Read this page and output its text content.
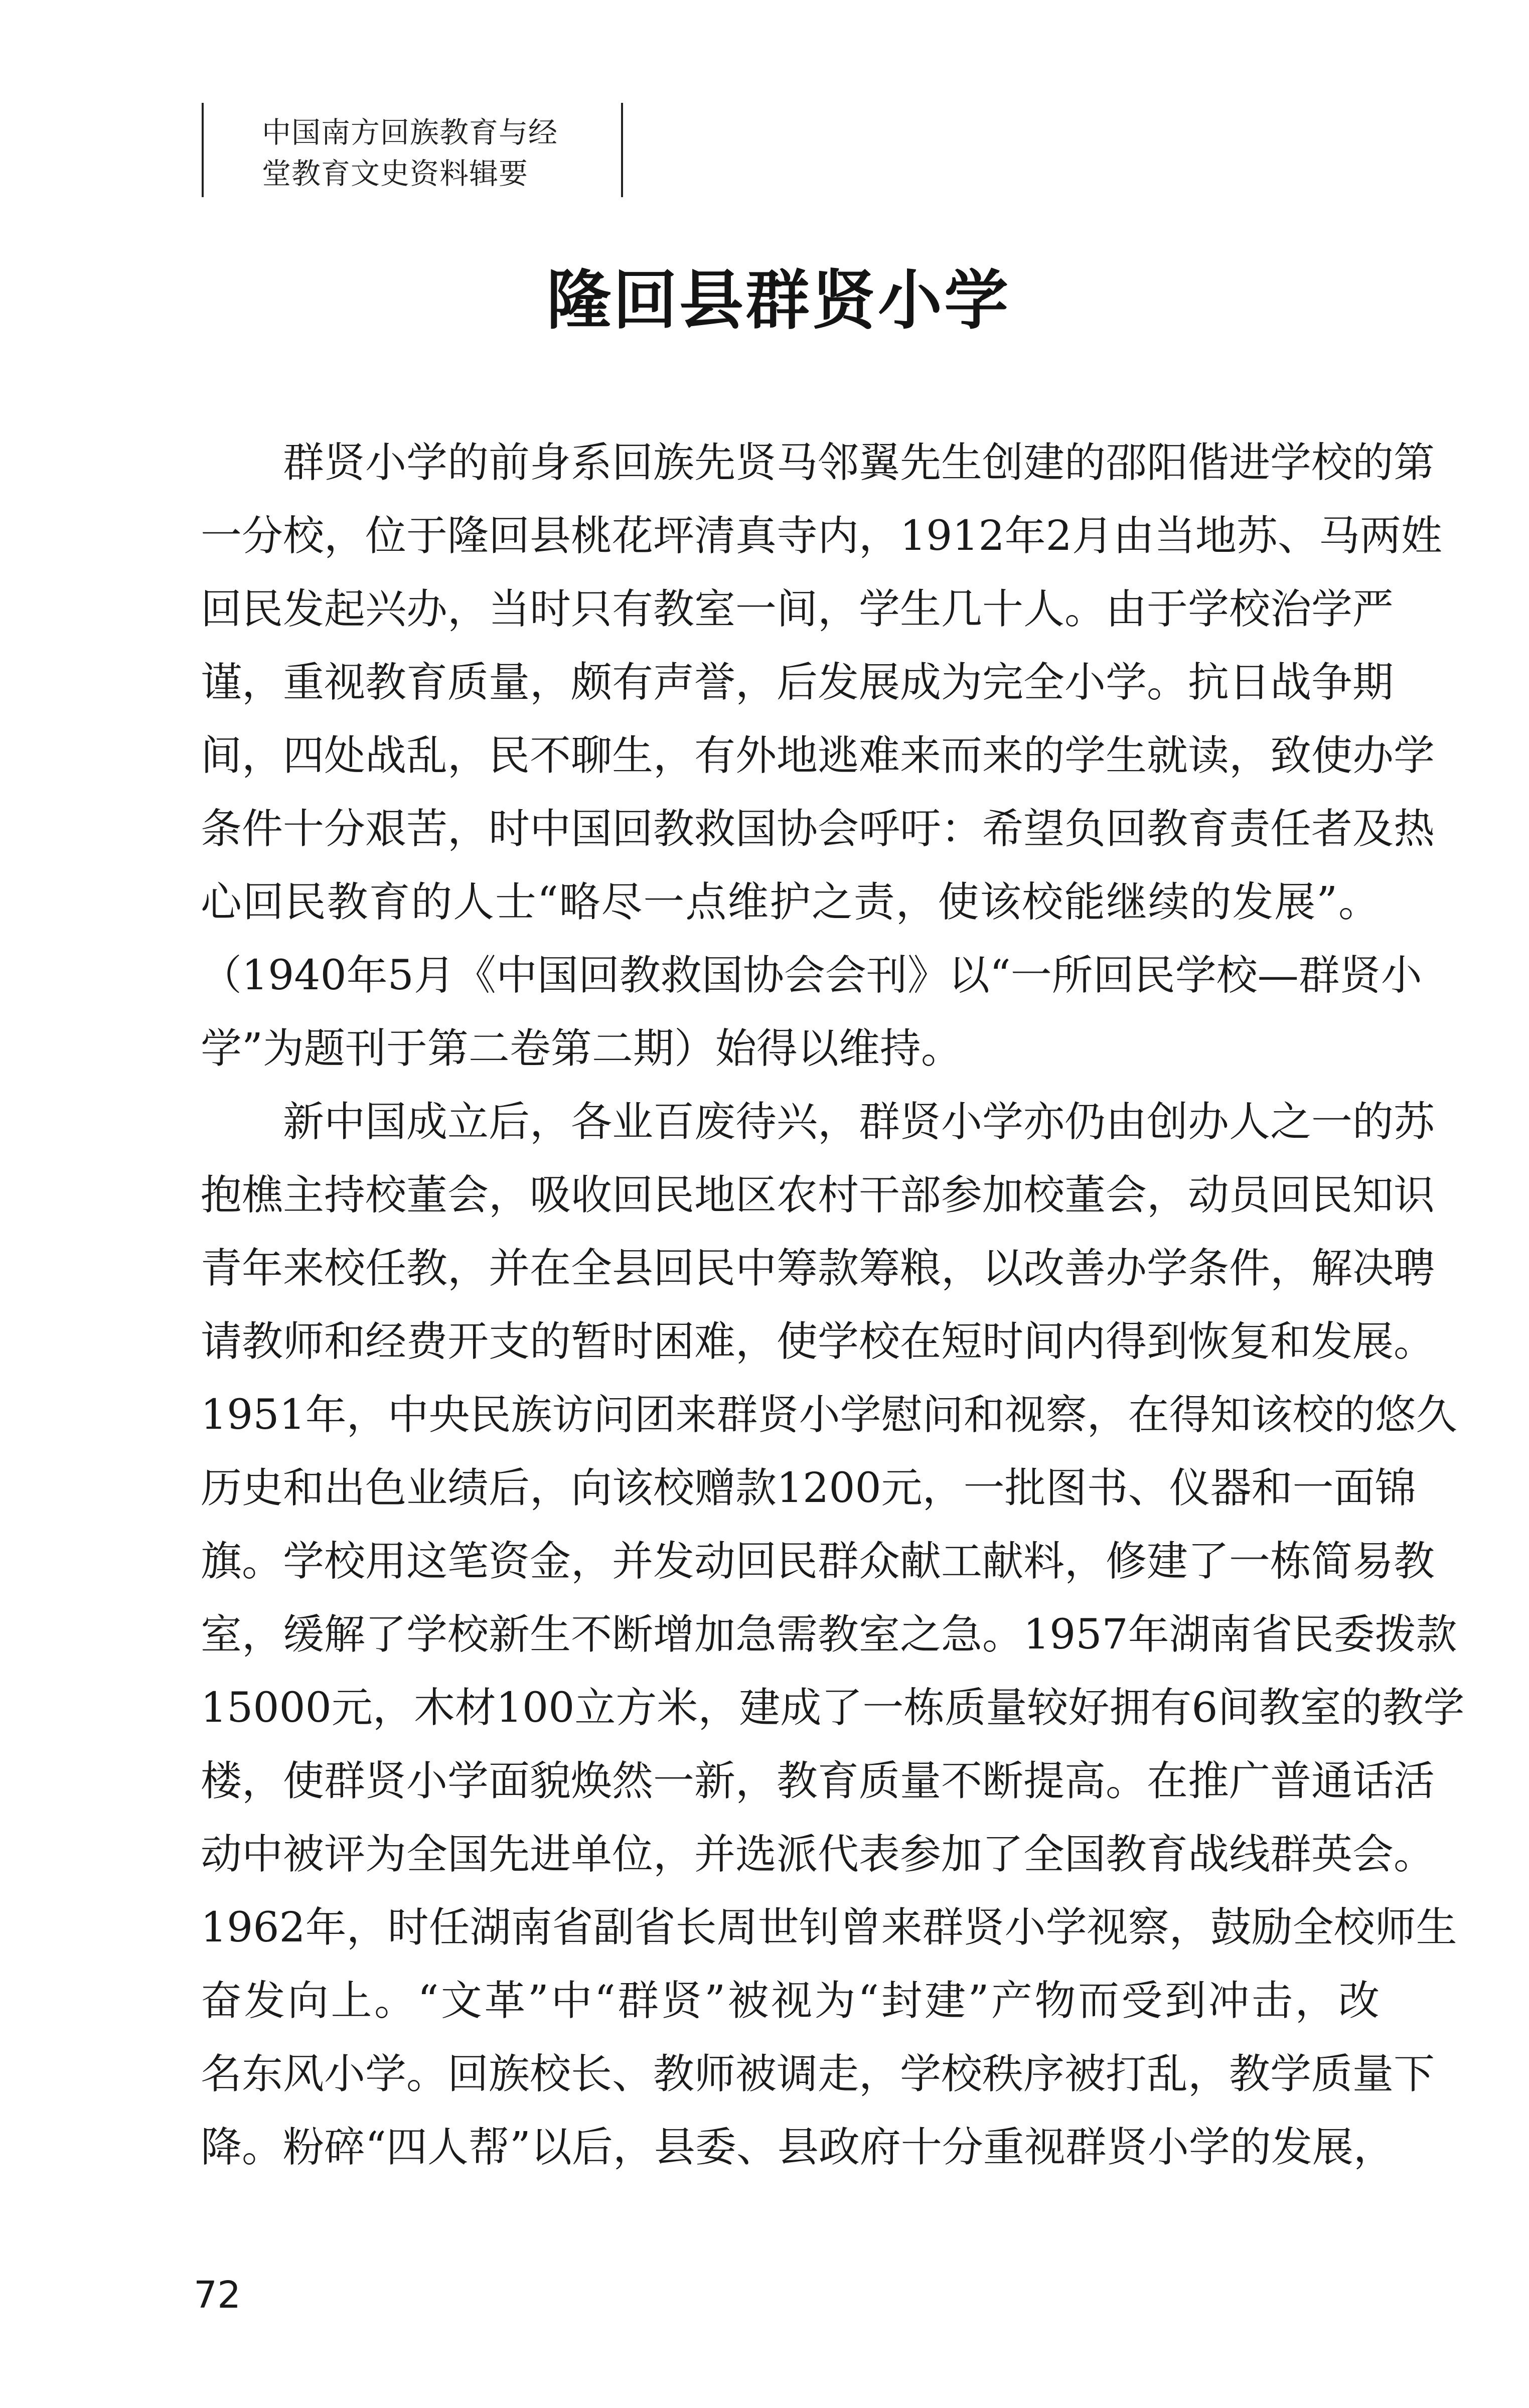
中国南方回族教育与经
堂教育文史资料辑要
隆回县群贤小学
群贤小学的前身系回族先贤马邻翼先生创建的邵阳偕进学校的第
一分校，位于隆回县桃花坪清真寺内，1912年2月由当地苏、马两姓
回民发起兴办，当时只有教室一间，学生几十人。由于学校治学严
谨，重视教育质量，颇有声誉，后发展成为完全小学。抗日战争期
间，四处战乱，民不聊生，有外地逃难来而来的学生就读，致使办学
条件十分艰苦，时中国回教救国协会呼吁：希望负回教育责任者及热
心回民教育的人士“略尽一点维护之责，使该校能继续的发展”。
（1940年5月《中国回教救国协会会刊》以“一所回民学校—群贤小
学”为题刊于第二卷第二期）始得以维持。
新中国成立后，各业百废待兴，群贤小学亦仍由创办人之一的苏
抱樵主持校董会，吸收回民地区农村干部参加校董会，动员回民知识
青年来校任教，并在全县回民中筹款筹粮，以改善办学条件，解决聘
请教师和经费开支的暂时困难，使学校在短时间内得到恢复和发展。
1951年，中央民族访问团来群贤小学慰问和视察，在得知该校的悠久
历史和出色业绩后，向该校赠款1200元，一批图书、仪器和一面锦
旗。学校用这笔资金，并发动回民群众献工献料，修建了一栋简易教
室，缓解了学校新生不断增加急需教室之急。1957年湖南省民委拨款
15000元，木材100立方米，建成了一栋质量较好拥有6间教室的教学
楼，使群贤小学面貌焕然一新，教育质量不断提高。在推广普通话活
动中被评为全国先进单位，并选派代表参加了全国教育战线群英会。
1962年，时任湖南省副省长周世钊曾来群贤小学视察，鼓励全校师生
奋发向上。“文革”中“群贤”被视为“封建”产物而受到冲击，改
名东风小学。回族校长、教师被调走，学校秩序被打乱，教学质量下
降。粉碎“四人帮”以后，县委、县政府十分重视群贤小学的发展，
72
